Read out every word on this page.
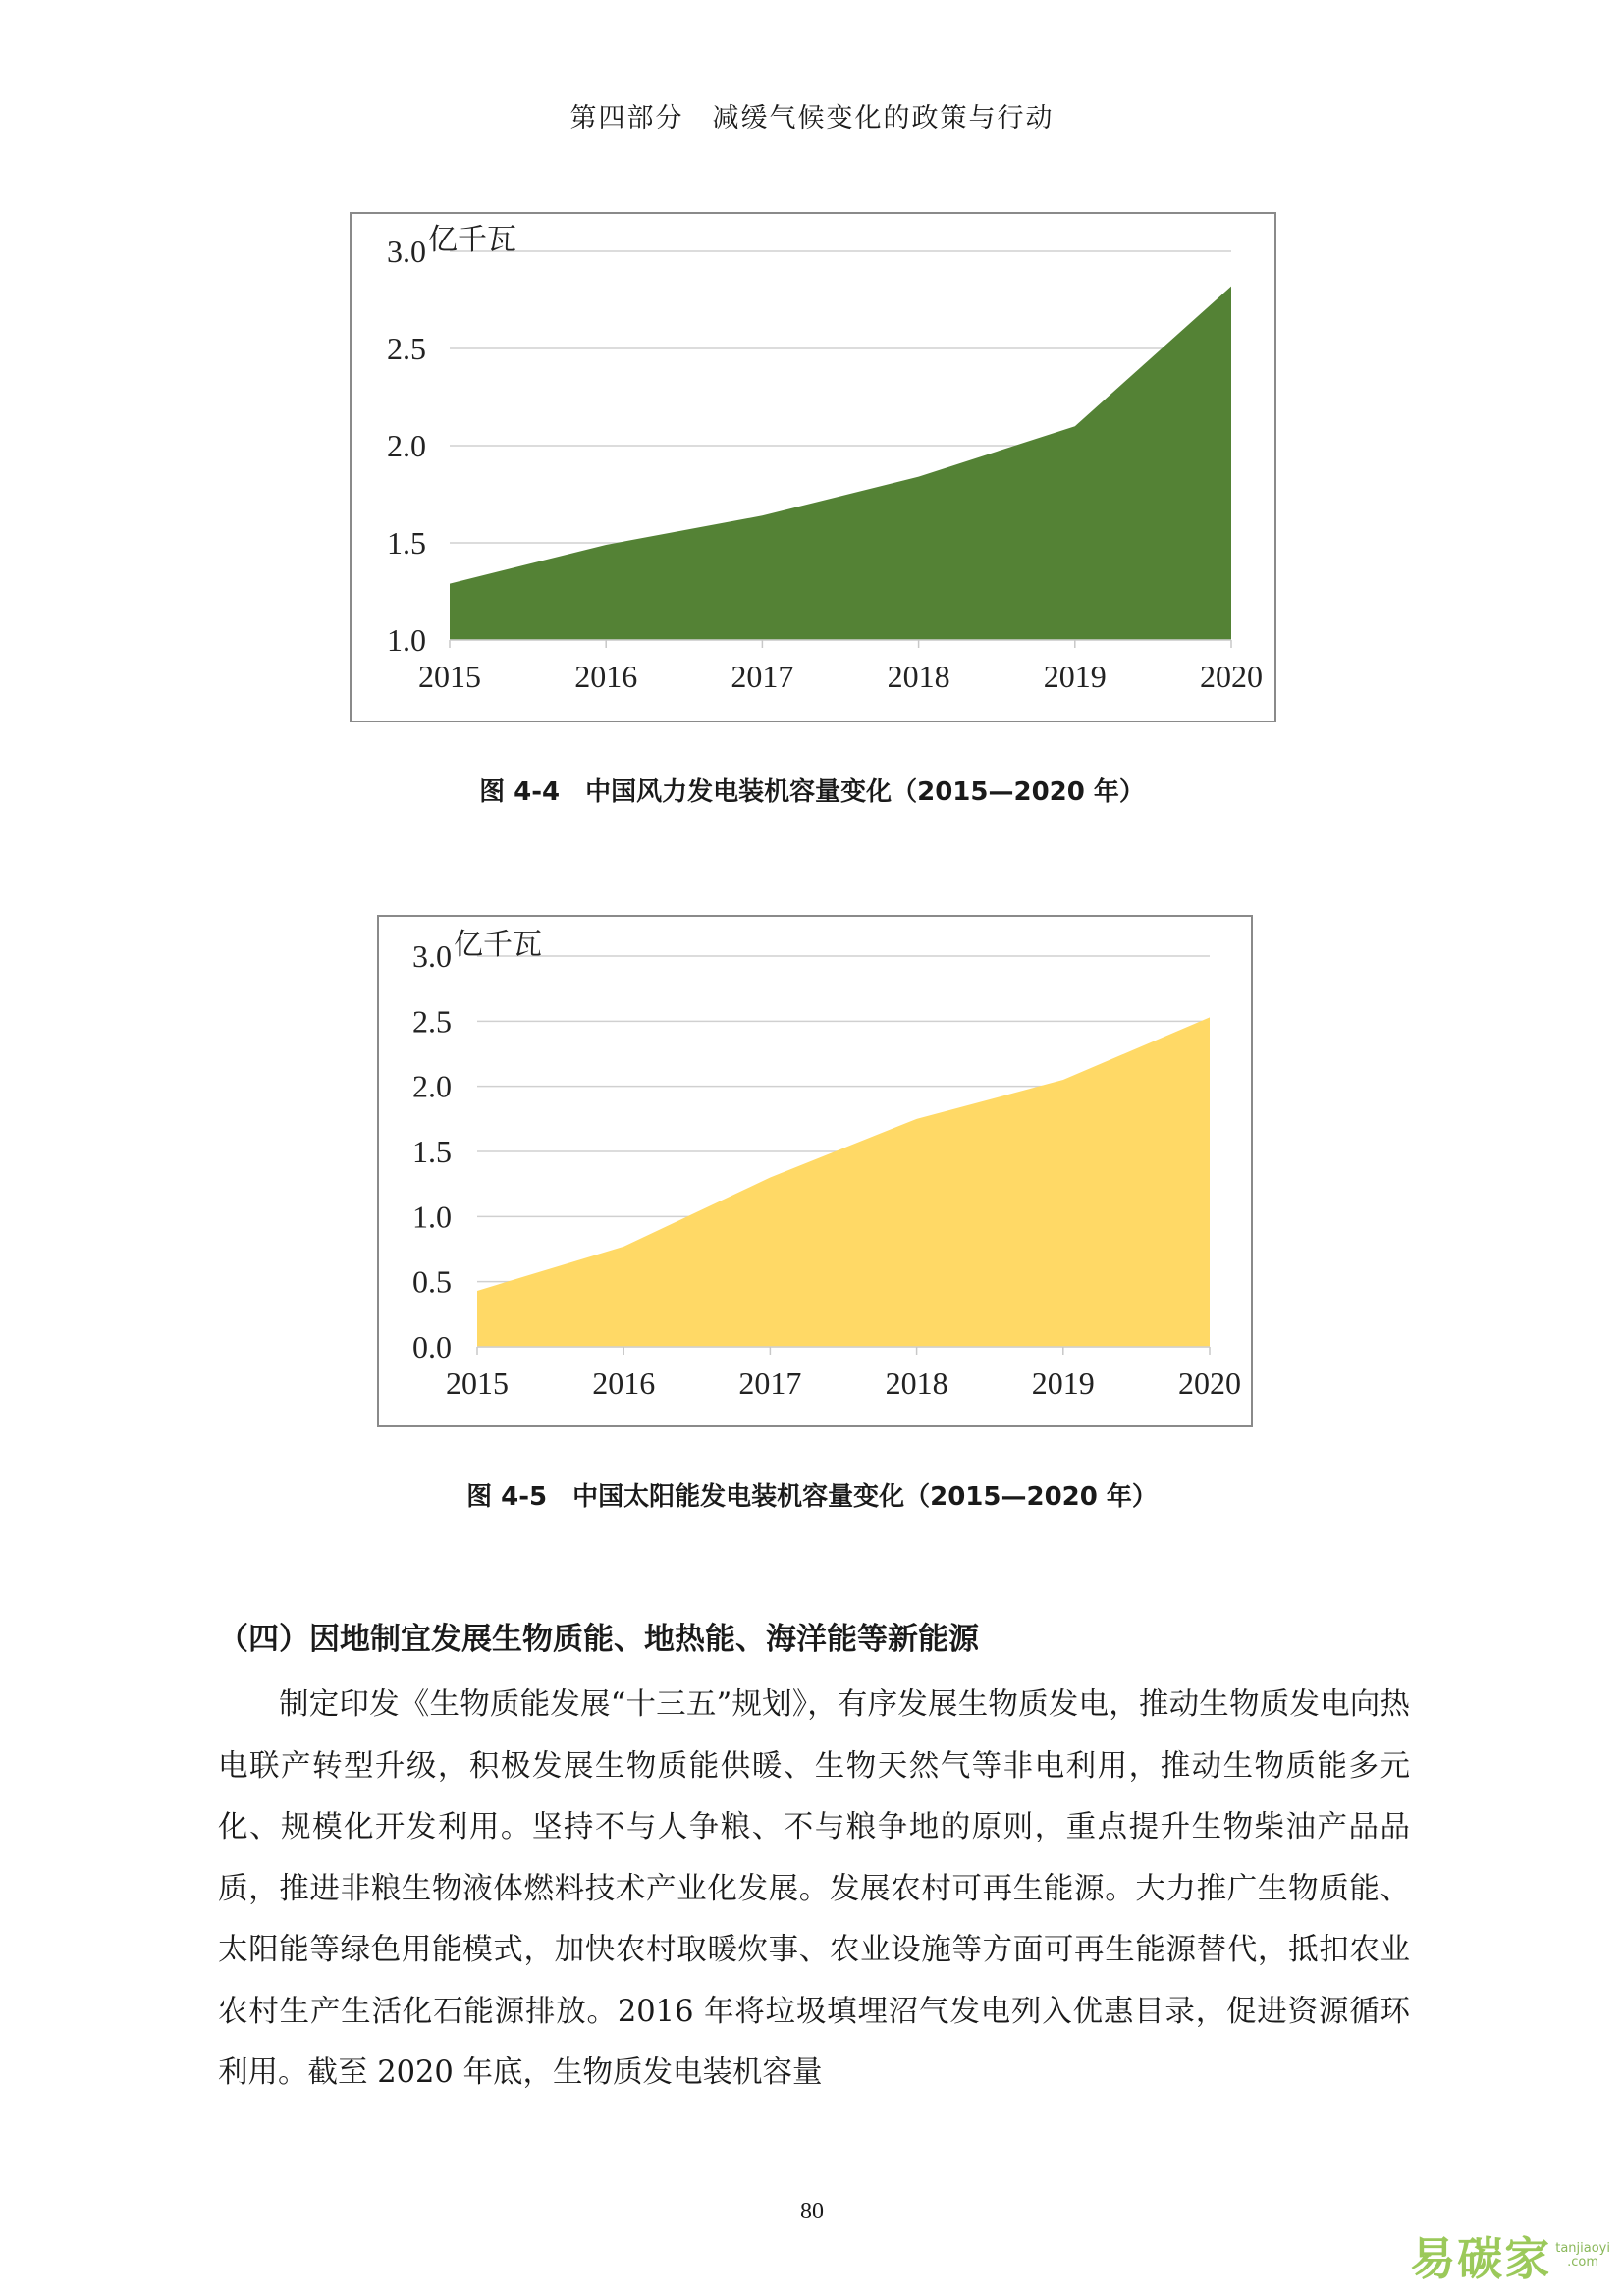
第四部分　减缓气候变化的政策与行动
1.0
1.5
2.0
2.5
3.0
2015	2016	2017	2018	2019	2020
亿千瓦
图 4-4　中国风力发电装机容量变化（2015—2020 年）
0.0
0.5
1.0
1.5
2.0
2.5
3.0
2015	2016	2017	2018	2019	2020
亿千瓦
图 4-5　中国太阳能发电装机容量变化（2015—2020 年）
（四）因地制宜发展生物质能、地热能、海洋能等新能源

制定印发《生物质能发展“十三五”规划》，有序发展生物质发电，推动生物质发电向热电联产转型升级，积极发展生物质能供暖、生物天然气等非电利用，推动生物质能多元化、规模化开发利用。坚持不与人争粮、不与粮争地的原则，重点提升生物柴油产品品质，推进非粮生物液体燃料技术产业化发展。发展农村可再生能源。大力推广生物质能、太阳能等绿色用能模式，加快农村取暖炊事、农业设施等方面可再生能源替代，抵扣农业农村生产生活化石能源排放。2016 年将垃圾填埋沼气发电列入优惠目录，促进资源循环利用。截至 2020 年底，生物质发电装机容量

80
易碳家 tanjiaoyi
.com
